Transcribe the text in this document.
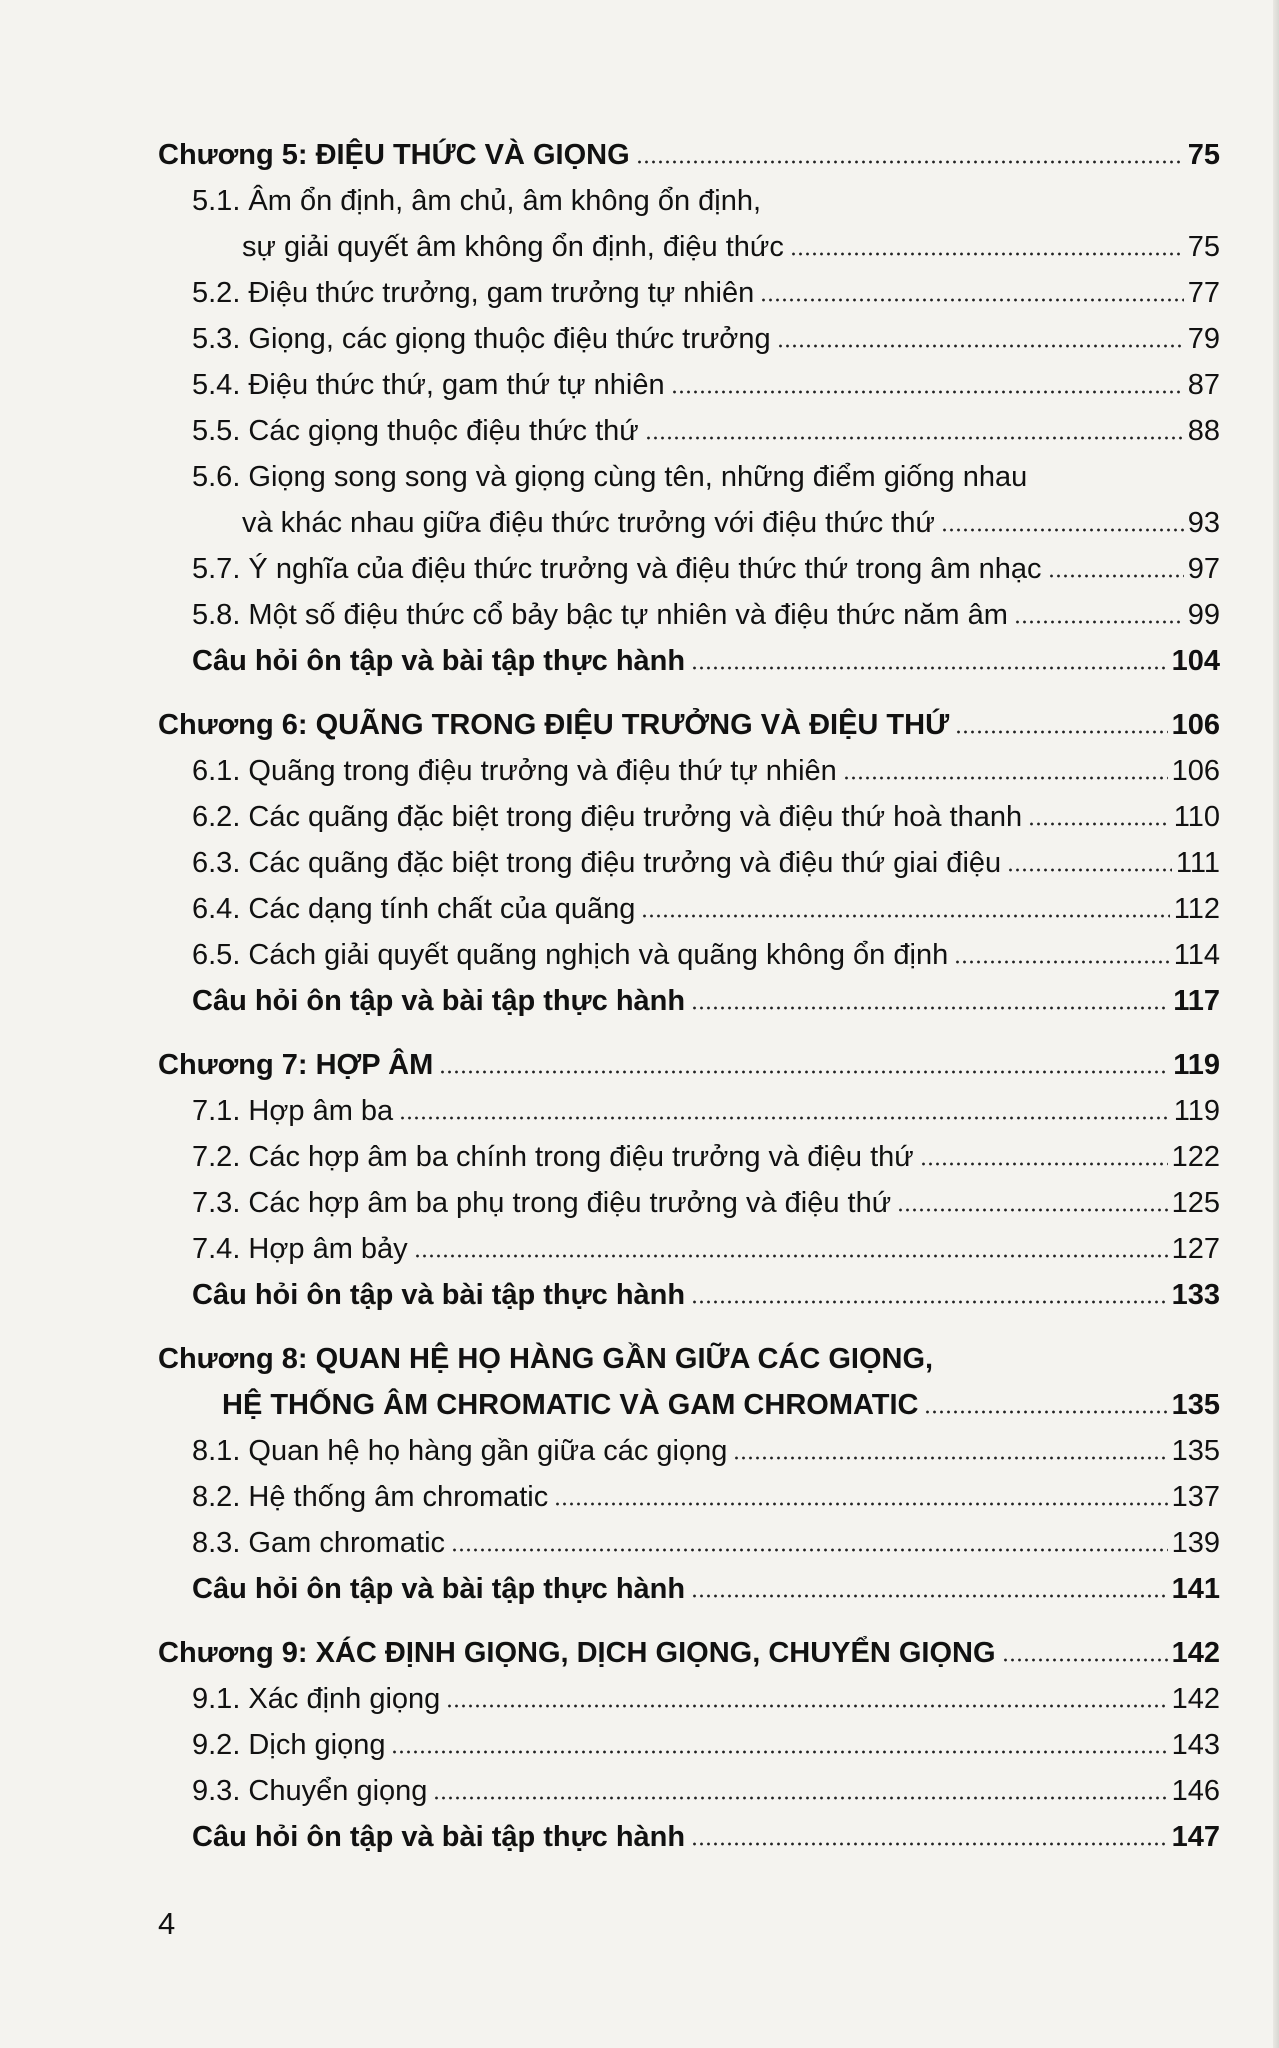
Chương 5: ĐIỆU THỨC VÀ GIỌNG	75
5.1. Âm ổn định, âm chủ, âm không ổn định,
sự giải quyết âm không ổn định, điệu thức	75
5.2. Điệu thức trưởng, gam trưởng tự nhiên	77
5.3. Giọng, các giọng thuộc điệu thức trưởng	79
5.4. Điệu thức thứ, gam thứ tự nhiên	87
5.5. Các giọng thuộc điệu thức thứ	88
5.6. Giọng song song và giọng cùng tên, những điểm giống nhau
và khác nhau giữa điệu thức trưởng với điệu thức thứ	93
5.7. Ý nghĩa của điệu thức trưởng và điệu thức thứ trong âm nhạc	97
5.8. Một số điệu thức cổ bảy bậc tự nhiên và điệu thức năm âm	99
Câu hỏi ôn tập và bài tập thực hành	104
Chương 6: QUÃNG TRONG ĐIỆU TRƯỞNG VÀ ĐIỆU THỨ	106
6.1. Quãng trong điệu trưởng và điệu thứ tự nhiên	106
6.2. Các quãng đặc biệt trong điệu trưởng và điệu thứ hoà thanh	110
6.3. Các quãng đặc biệt trong điệu trưởng và điệu thứ giai điệu	111
6.4. Các dạng tính chất của quãng	112
6.5. Cách giải quyết quãng nghịch và quãng không ổn định	114
Câu hỏi ôn tập và bài tập thực hành	117
Chương 7: HỢP ÂM	119
7.1. Hợp âm ba	119
7.2. Các hợp âm ba chính trong điệu trưởng và điệu thứ	122
7.3. Các hợp âm ba phụ trong điệu trưởng và điệu thứ	125
7.4. Hợp âm bảy	127
Câu hỏi ôn tập và bài tập thực hành	133
Chương 8: QUAN HỆ HỌ HÀNG GẦN GIỮA CÁC GIỌNG,
HỆ THỐNG ÂM CHROMATIC VÀ GAM CHROMATIC	135
8.1. Quan hệ họ hàng gần giữa các giọng	135
8.2. Hệ thống âm chromatic	137
8.3. Gam chromatic	139
Câu hỏi ôn tập và bài tập thực hành	141
Chương 9: XÁC ĐỊNH GIỌNG, DỊCH GIỌNG, CHUYỂN GIỌNG	142
9.1. Xác định giọng	142
9.2. Dịch giọng	143
9.3. Chuyển giọng	146
Câu hỏi ôn tập và bài tập thực hành	147
4
